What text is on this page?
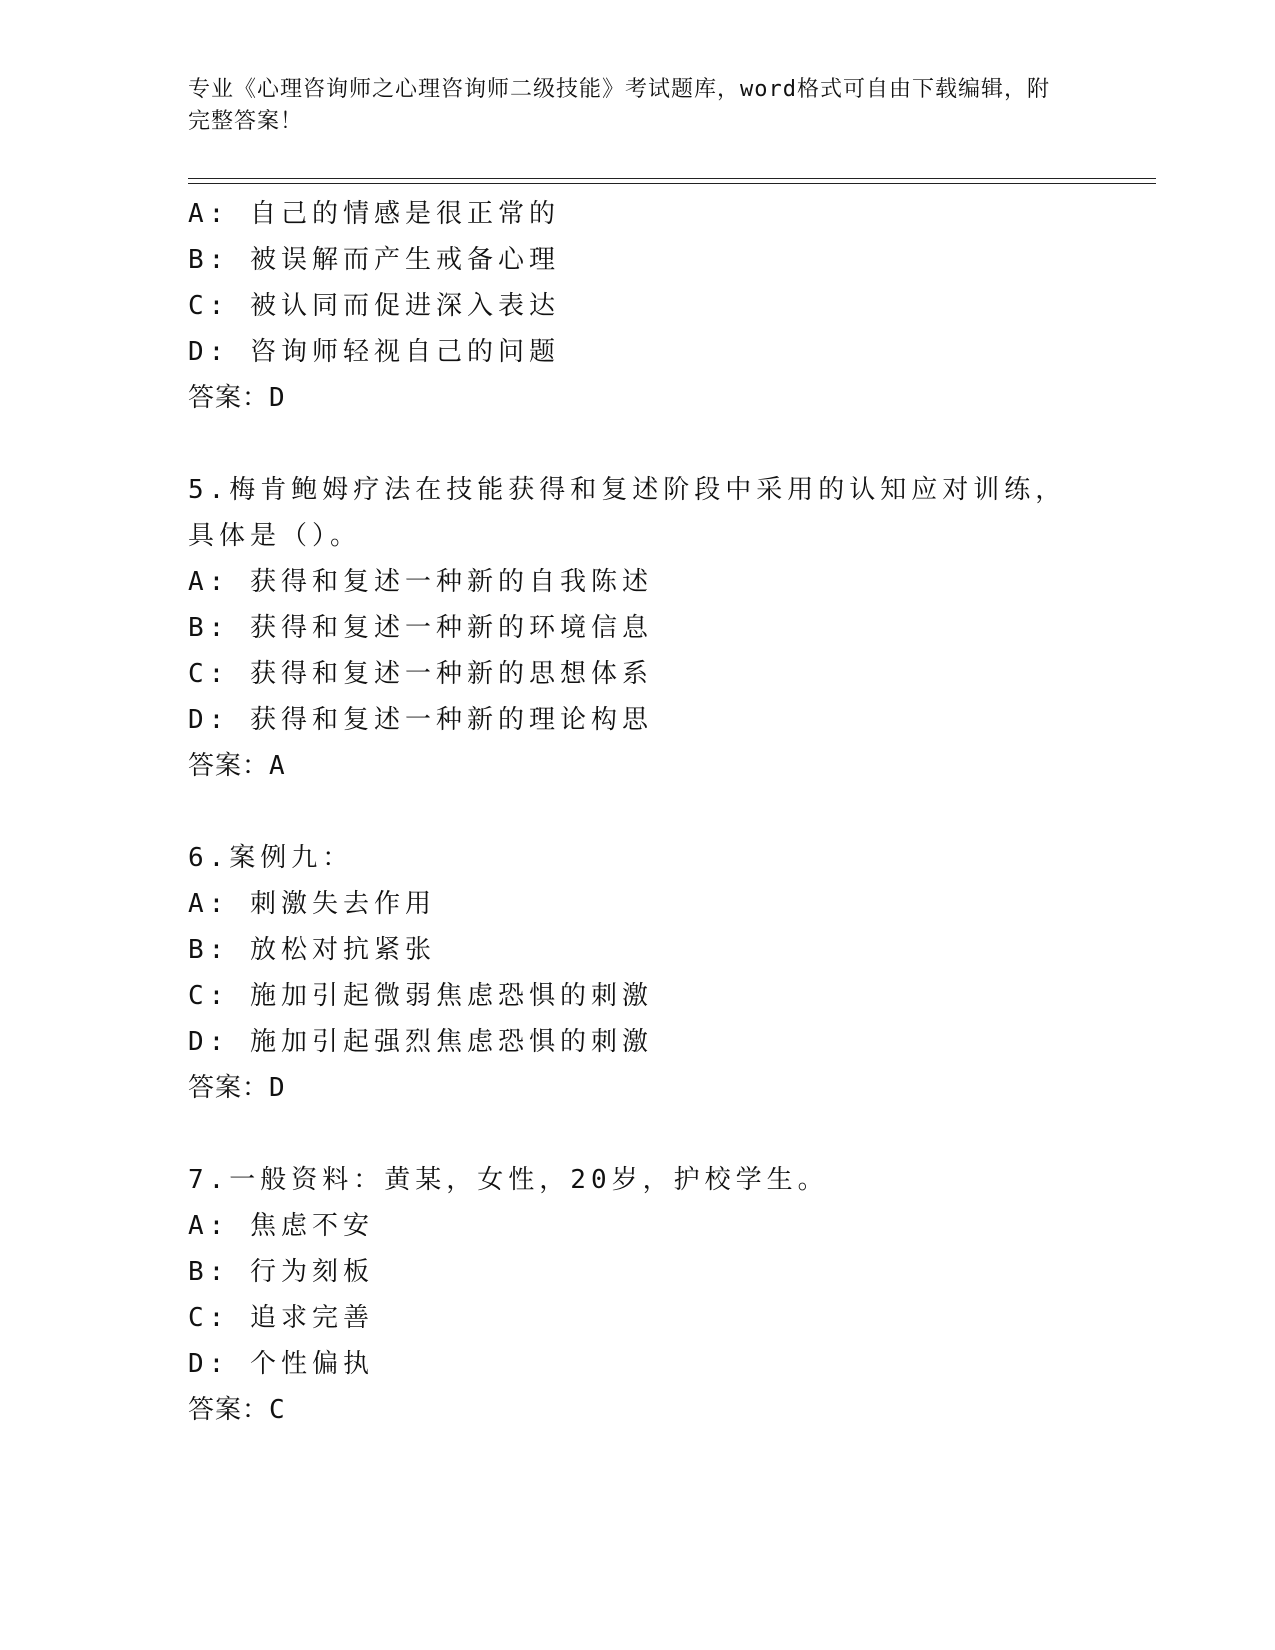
专业《心理咨询师之心理咨询师二级技能》考试题库，word格式可自由下载编辑，附完整答案！
A: 自己的情感是很正常的
B: 被误解而产生戒备心理
C: 被认同而促进深入表达
D: 咨询师轻视自己的问题
答案：D
5.梅肯鲍姆疗法在技能获得和复述阶段中采用的认知应对训练，具体是（）。
A: 获得和复述一种新的自我陈述
B: 获得和复述一种新的环境信息
C: 获得和复述一种新的思想体系
D: 获得和复述一种新的理论构思
答案：A
6.案例九：
A: 刺激失去作用
B: 放松对抗紧张
C: 施加引起微弱焦虑恐惧的刺激
D: 施加引起强烈焦虑恐惧的刺激
答案：D
7.一般资料：黄某，女性，20岁，护校学生。
A: 焦虑不安
B: 行为刻板
C: 追求完善
D: 个性偏执
答案：C
